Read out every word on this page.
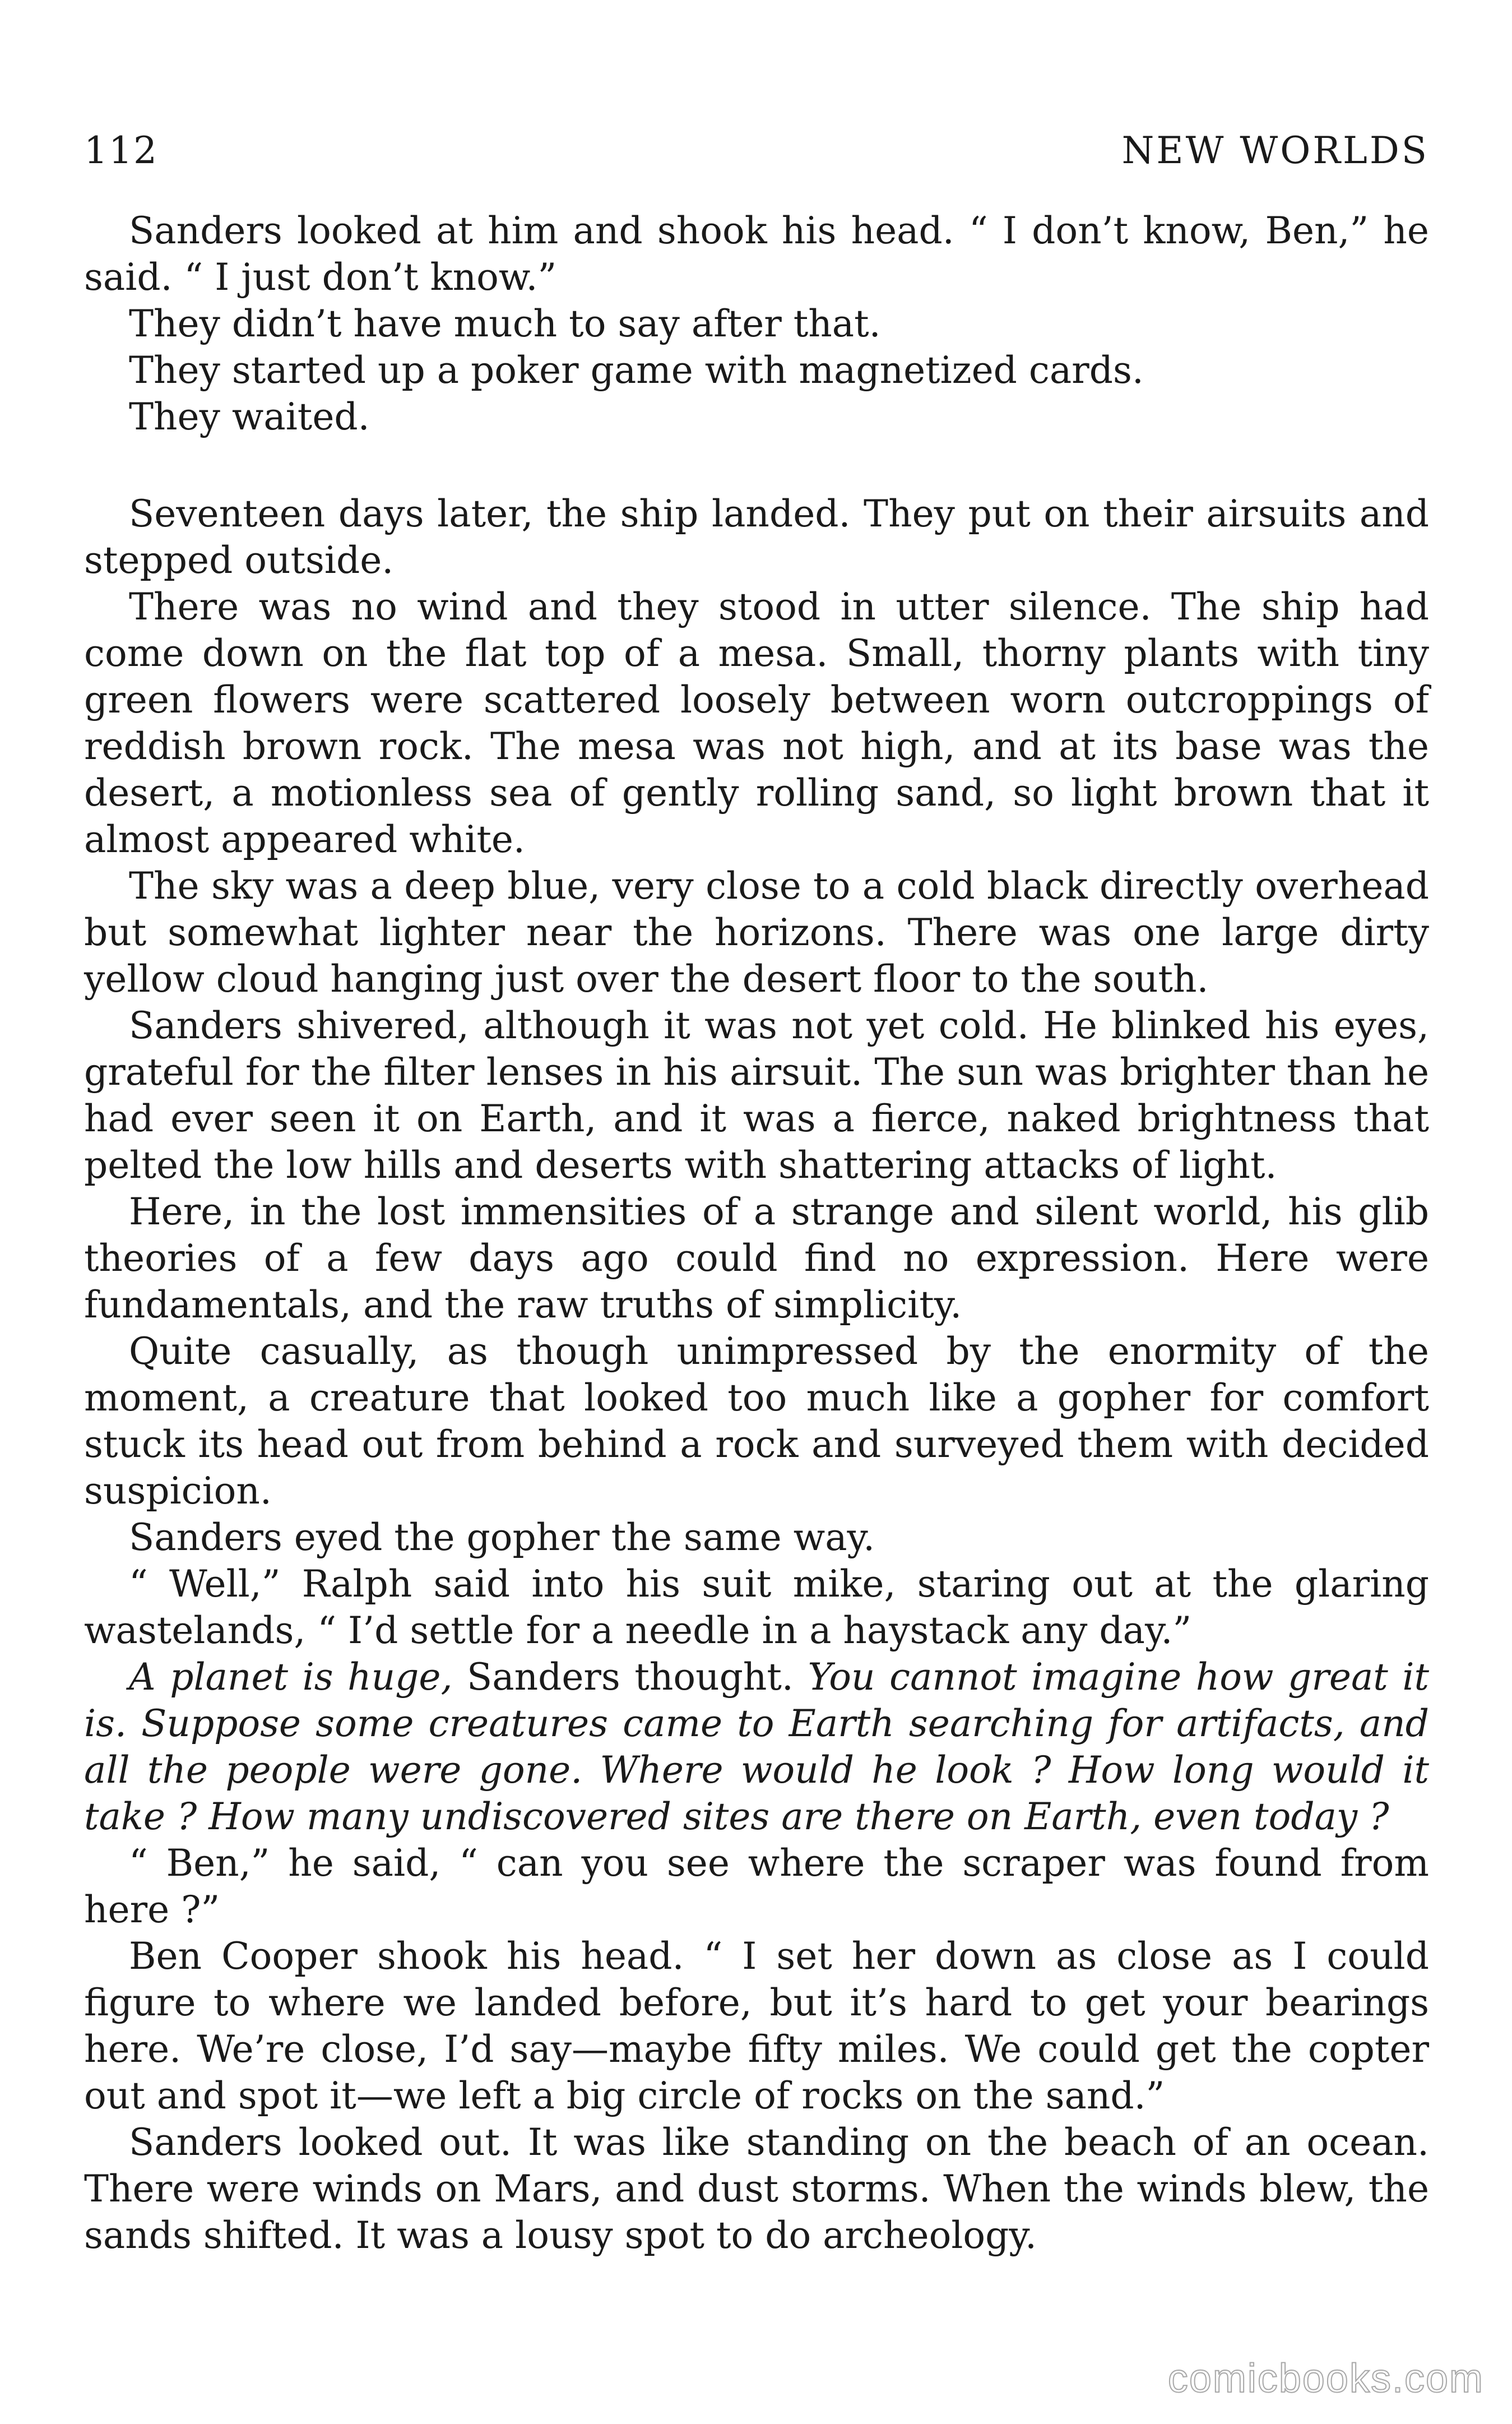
112	NEW WORLDS

Sanders looked at him and shook his head. “ I don’t know, Ben,” he said. “ I just don’t know.”

They didn’t have much to say after that.

They started up a poker game with magnetized cards.

They waited.

Seventeen days later, the ship landed. They put on their airsuits and stepped outside.

There was no wind and they stood in utter silence. The ship had come down on the flat top of a mesa. Small, thorny plants with tiny green flowers were scattered loosely between worn outcroppings of reddish brown rock. The mesa was not high, and at its base was the desert, a motionless sea of gently rolling sand, so light brown that it almost appeared white.

The sky was a deep blue, very close to a cold black directly overhead but somewhat lighter near the horizons. There was one large dirty yellow cloud hanging just over the desert floor to the south.

Sanders shivered, although it was not yet cold. He blinked his eyes, grateful for the filter lenses in his airsuit. The sun was brighter than he had ever seen it on Earth, and it was a fierce, naked brightness that pelted the low hills and deserts with shattering attacks of light.

Here, in the lost immensities of a strange and silent world, his glib theories of a few days ago could find no expression. Here were fundamentals, and the raw truths of simplicity.

Quite casually, as though unimpressed by the enormity of the moment, a creature that looked too much like a gopher for comfort stuck its head out from behind a rock and surveyed them with decided suspicion.

Sanders eyed the gopher the same way.

“ Well,” Ralph said into his suit mike, staring out at the glaring wastelands, “ I’d settle for a needle in a haystack any day.”

A planet is huge, Sanders thought. You cannot imagine how great it is. Suppose some creatures came to Earth searching for artifacts, and all the people were gone. Where would he look ? How long would it take ? How many undiscovered sites are there on Earth, even today ?

“ Ben,” he said, “ can you see where the scraper was found from here ?”

Ben Cooper shook his head. “ I set her down as close as I could figure to where we landed before, but it’s hard to get your bearings here. We’re close, I’d say—maybe fifty miles. We could get the copter out and spot it—we left a big circle of rocks on the sand.”

Sanders looked out. It was like standing on the beach of an ocean. There were winds on Mars, and dust storms. When the winds blew, the sands shifted. It was a lousy spot to do archeology.

comicbooks.com
